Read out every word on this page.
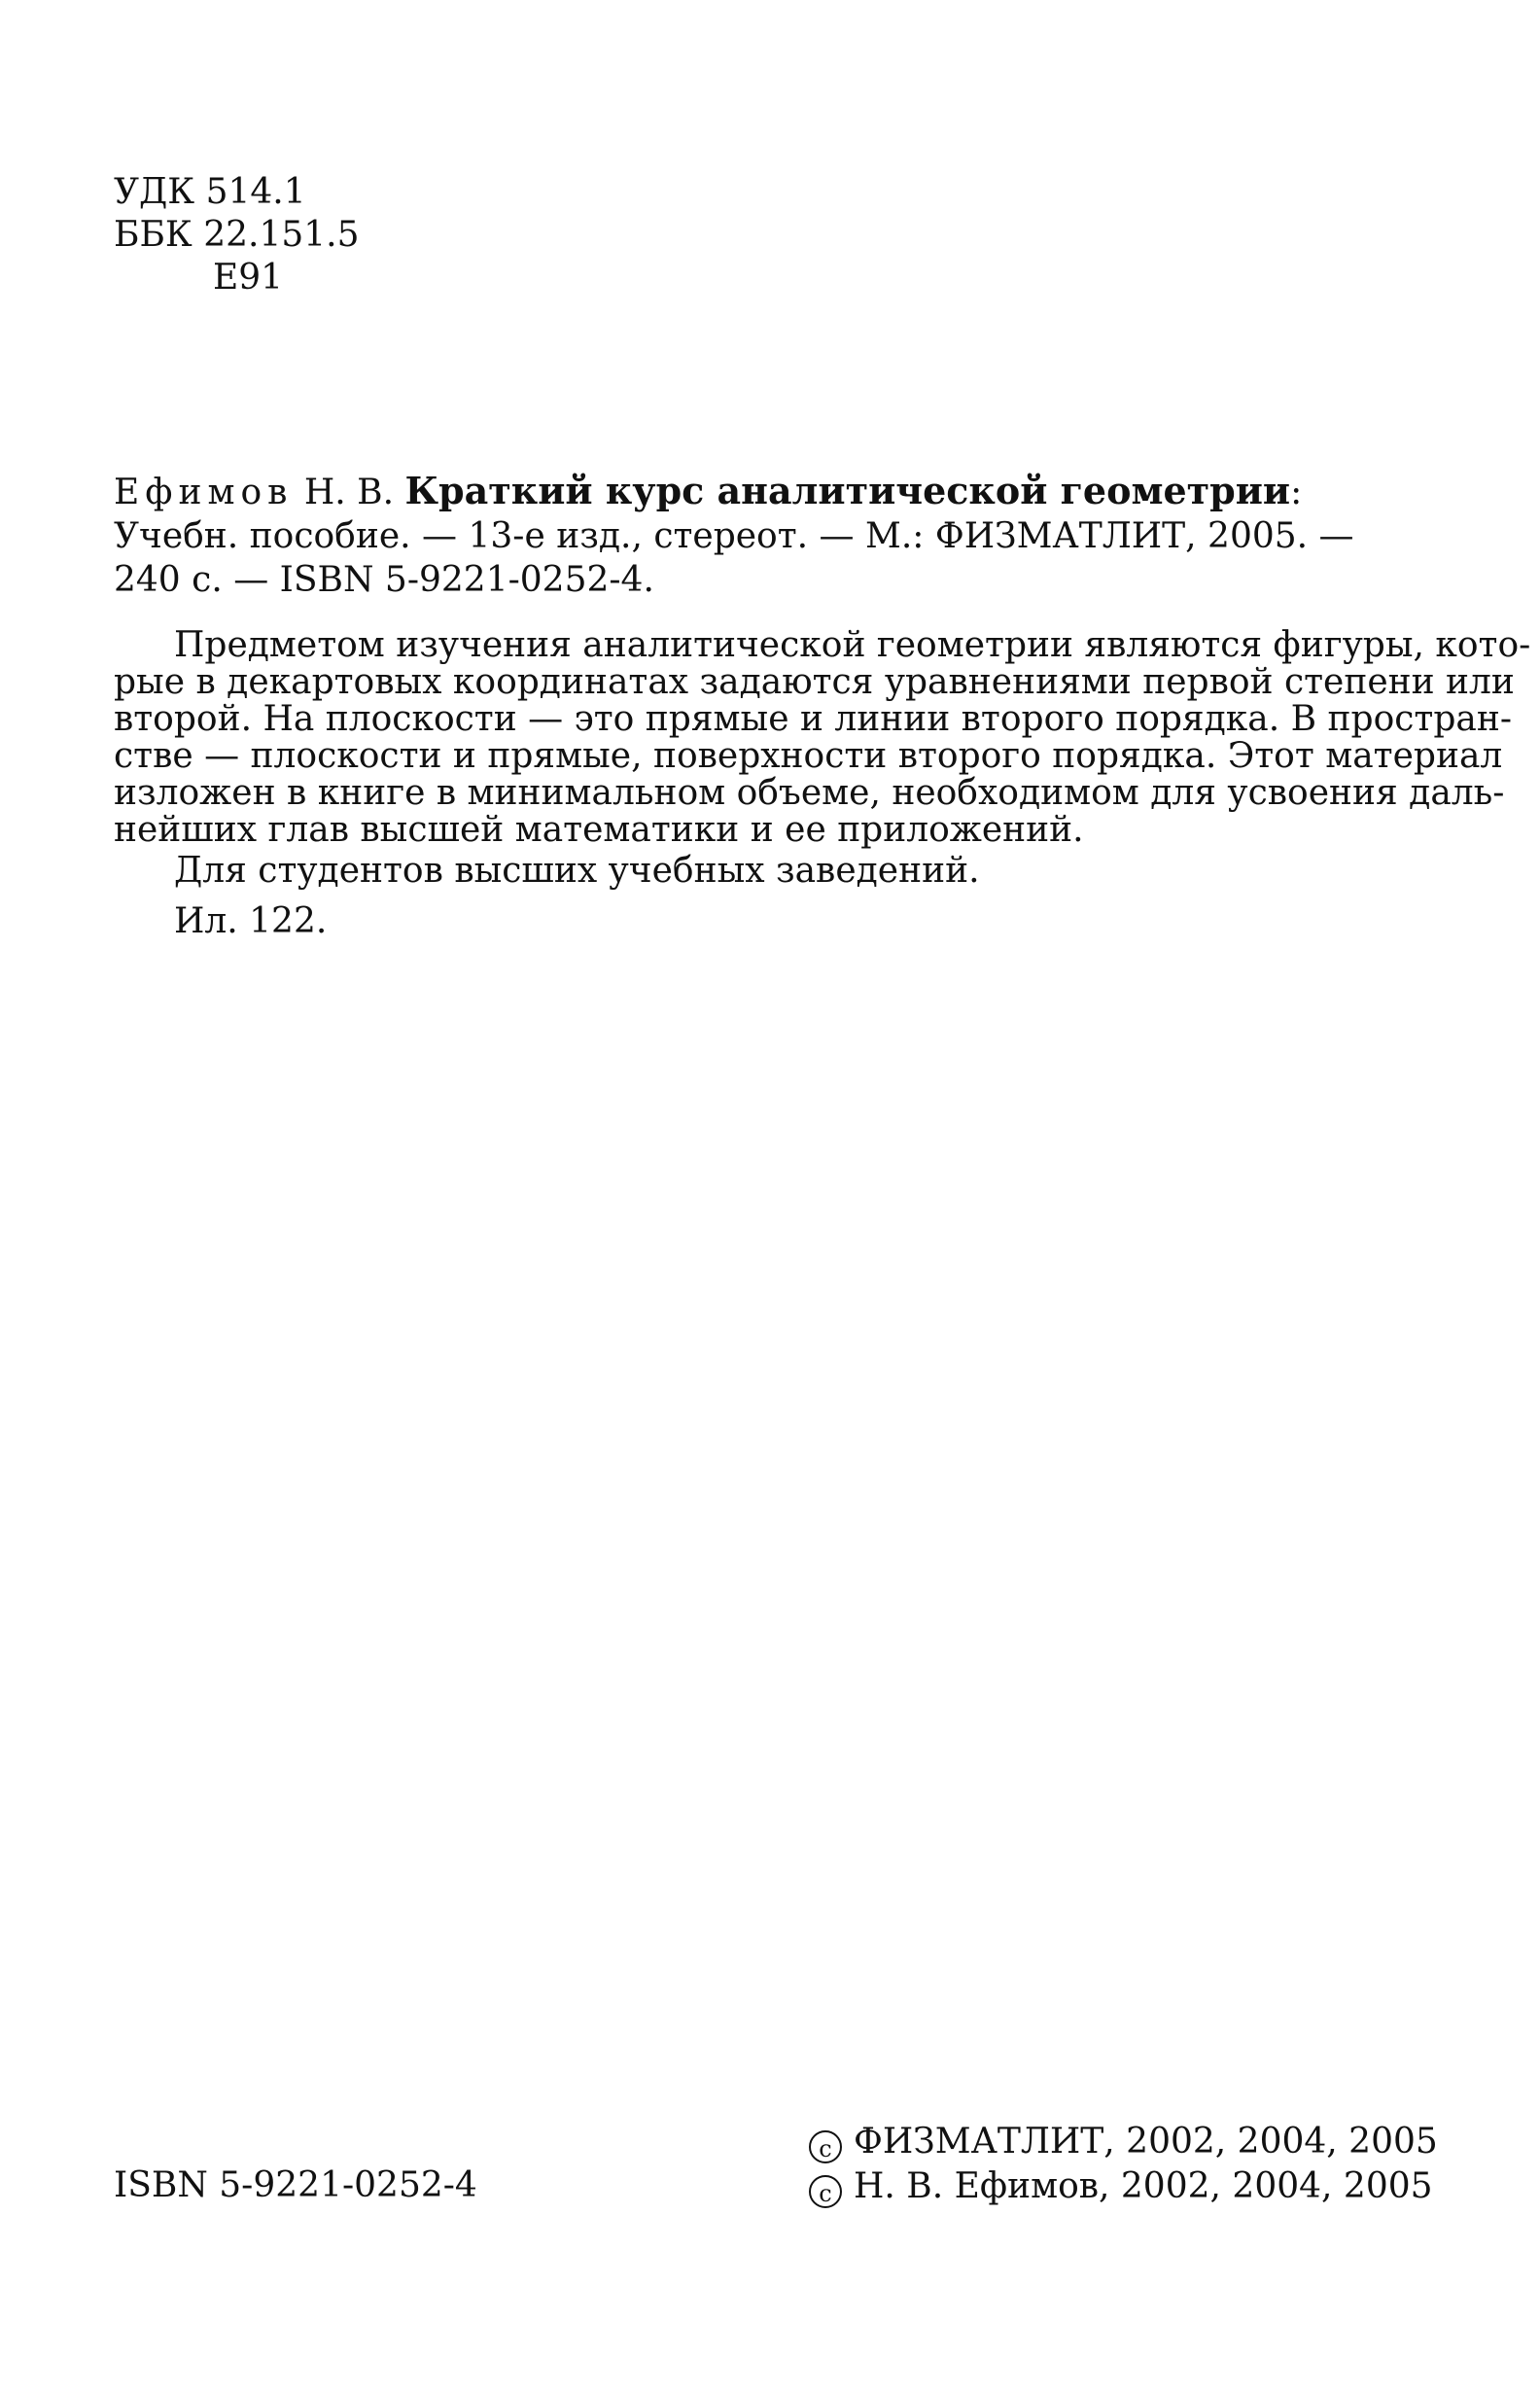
УДК 514.1
ББК 22.151.5
Е91
Ефимов Н. В. Краткий курс аналитической геометрии:
Учебн. пособие. — 13-е изд., стереот. — М.: ФИЗМАТЛИТ, 2005. —
240 с. — ISBN 5-9221-0252-4.
Предметом изучения аналитической геометрии являются фигуры, кото-
рые в декартовых координатах задаются уравнениями первой степени или
второй. На плоскости — это прямые и линии второго порядка. В простран-
стве — плоскости и прямые, поверхности второго порядка. Этот материал
изложен в книге в минимальном объеме, необходимом для усвоения даль-
нейших глав высшей математики и ее приложений.
Для студентов высших учебных заведений.
Ил. 122.
ISBN 5-9221-0252-4
c ФИЗМАТЛИТ, 2002, 2004, 2005
c Н. В. Ефимов, 2002, 2004, 2005
